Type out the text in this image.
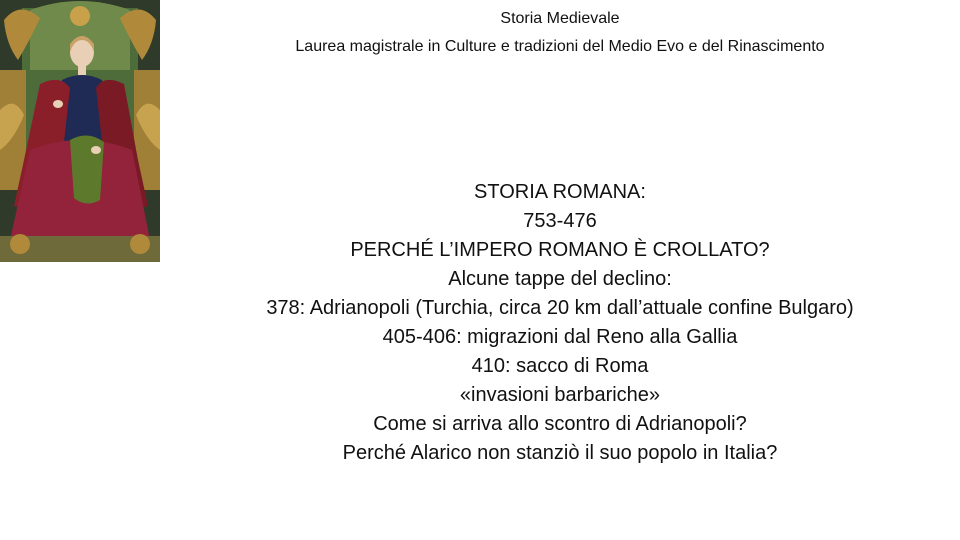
Storia Medievale
Laurea magistrale in Culture e tradizioni del Medio Evo e del Rinascimento
STORIA ROMANA:
753-476
PERCHÉ L’IMPERO ROMANO È CROLLATO?
Alcune tappe del declino:
378: Adrianopoli (Turchia, circa 20 km dall’attuale confine Bulgaro)
405-406: migrazioni dal Reno alla Gallia
410: sacco di Roma
«invasioni barbariche»
Come si arriva allo scontro di Adrianopoli?
Perché Alarico non stanziò il suo popolo in Italia?
